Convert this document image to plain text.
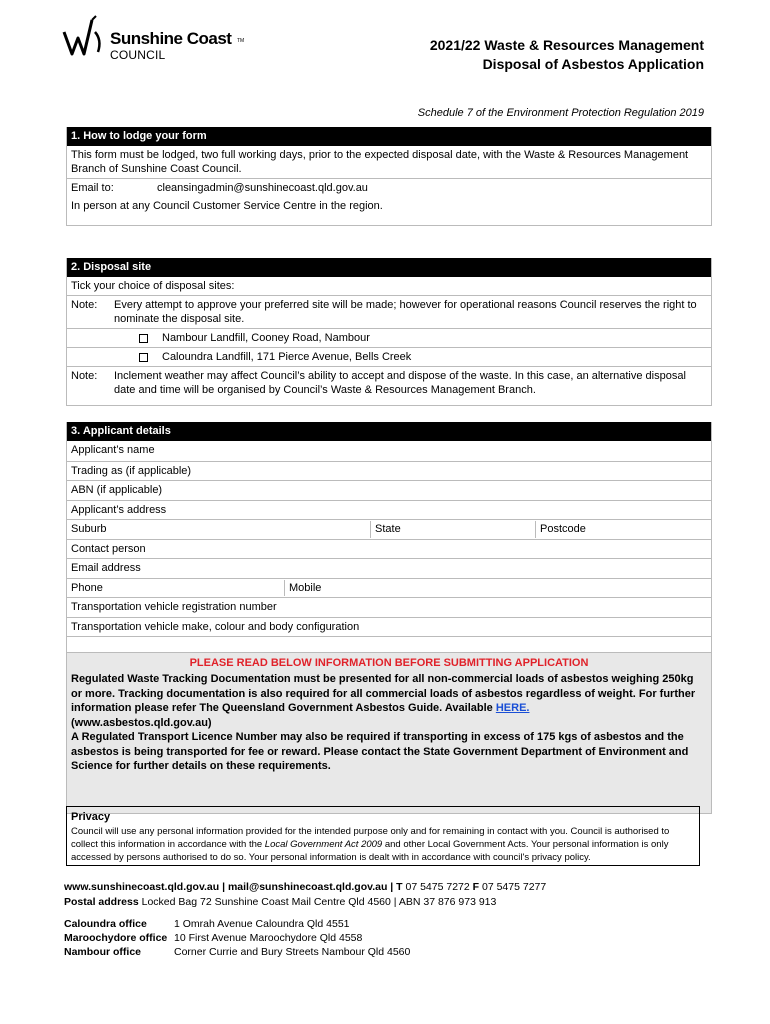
Sunshine Coast TM
COUNCIL
2021/22 Waste & Resources Management
Disposal of Asbestos Application
Schedule 7 of the Environment Protection Regulation 2019
1. How to lodge your form
This form must be lodged, two full working days, prior to the expected disposal date, with the Waste & Resources Management Branch of Sunshine Coast Council.
Email to:	cleansingadmin@sunshinecoast.qld.gov.au
In person at any Council Customer Service Centre in the region.
2. Disposal site
Tick your choice of disposal sites:
Note:	Every attempt to approve your preferred site will be made; however for operational reasons Council reserves the right to nominate the disposal site.
Nambour Landfill, Cooney Road, Nambour
Caloundra Landfill, 171 Pierce Avenue, Bells Creek
Note:	Inclement weather may affect Council’s ability to accept and dispose of the waste. In this case, an alternative disposal date and time will be organised by Council’s Waste & Resources Management Branch.
3. Applicant details
Applicant’s name
Trading as (if applicable)
ABN (if applicable)
Applicant’s address
Suburb	State	Postcode
Contact person
Email address
Phone	Mobile
Transportation vehicle registration number
Transportation vehicle make, colour and body configuration
PLEASE READ BELOW INFORMATION BEFORE SUBMITTING APPLICATION

Regulated Waste Tracking Documentation must be presented for all non-commercial loads of asbestos weighing 250kg or more. Tracking documentation is also required for all commercial loads of asbestos regardless of weight. For further information please refer The Queensland Government Asbestos Guide. Available HERE.
(www.asbestos.qld.gov.au)

A Regulated Transport Licence Number may also be required if transporting in excess of 175 kgs of asbestos and the asbestos is being transported for fee or reward. Please contact the State Government Department of Environment and Science for further details on these requirements.

Privacy

Council will use any personal information provided for the intended purpose only and for remaining in contact with you. Council is authorised to collect this information in accordance with the Local Government Act 2009 and other Local Government Acts. Your personal information is only accessed by persons authorised to do so. Your personal information is dealt with in accordance with council's privacy policy.

www.sunshinecoast.qld.gov.au | mail@sunshinecoast.qld.gov.au | T 07 5475 7272 F 07 5475 7277
Postal address Locked Bag 72 Sunshine Coast Mail Centre Qld 4560 | ABN 37 876 973 913
Caloundra office	1 Omrah Avenue Caloundra Qld 4551
Maroochydore office 10 First Avenue Maroochydore Qld 4558
Nambour office	Corner Currie and Bury Streets Nambour Qld 4560
